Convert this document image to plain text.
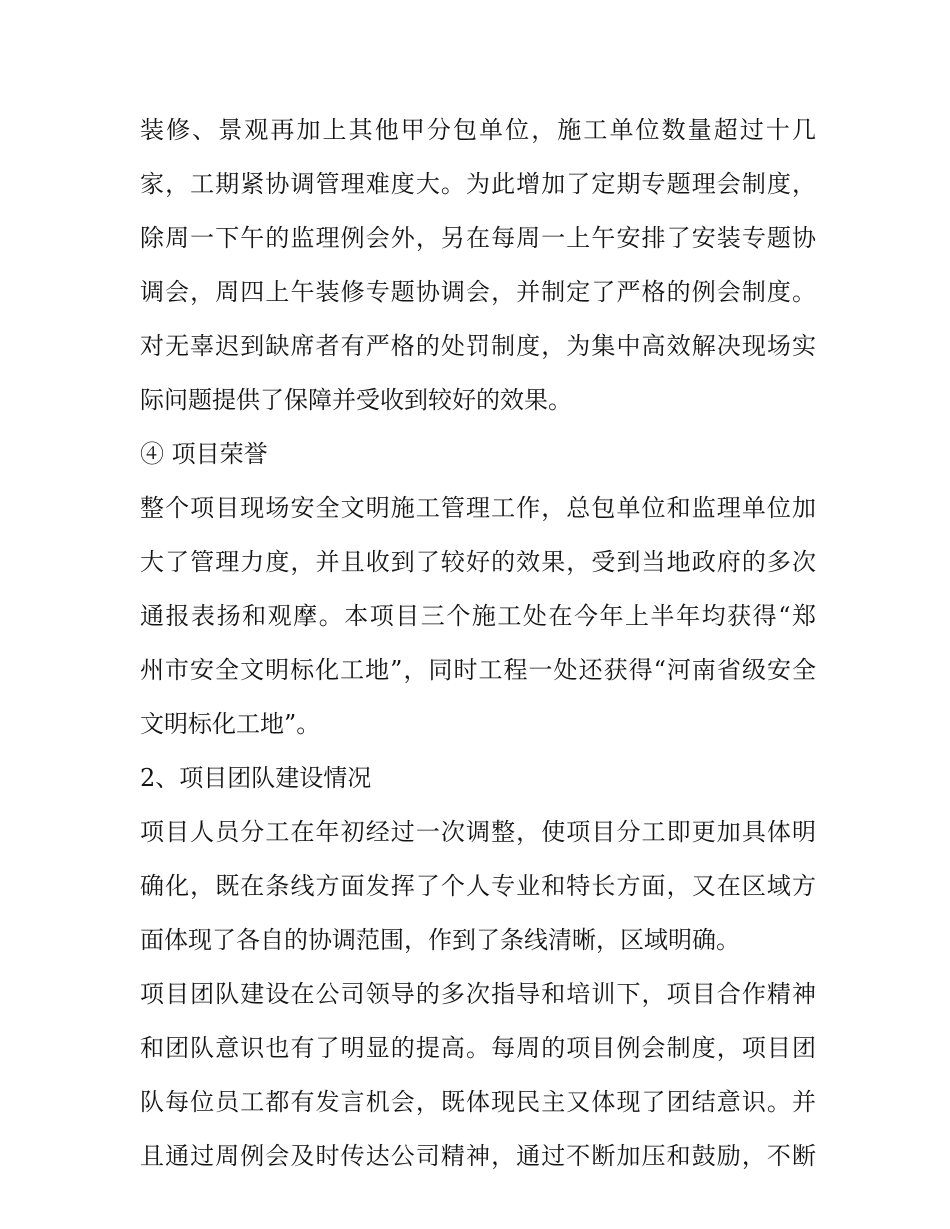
装修、景观再加上其他甲分包单位，施工单位数量超过十几
家，工期紧协调管理难度大。为此增加了定期专题理会制度，
除周一下午的监理例会外，另在每周一上午安排了安装专题协
调会，周四上午装修专题协调会，并制定了严格的例会制度。
对无辜迟到缺席者有严格的处罚制度，为集中高效解决现场实
际问题提供了保障并受收到较好的效果。
④ 项目荣誉
整个项目现场安全文明施工管理工作，总包单位和监理单位加
大了管理力度，并且收到了较好的效果，受到当地政府的多次
通报表扬和观摩。本项目三个施工处在今年上半年均获得“郑
州市安全文明标化工地”，同时工程一处还获得“河南省级安全
文明标化工地”。
2、项目团队建设情况
项目人员分工在年初经过一次调整，使项目分工即更加具体明
确化，既在条线方面发挥了个人专业和特长方面，又在区域方
面体现了各自的协调范围，作到了条线清晰，区域明确。
项目团队建设在公司领导的多次指导和培训下，项目合作精神
和团队意识也有了明显的提高。每周的项目例会制度，项目团
队每位员工都有发言机会，既体现民主又体现了团结意识。并
且通过周例会及时传达公司精神，通过不断加压和鼓励，不断
